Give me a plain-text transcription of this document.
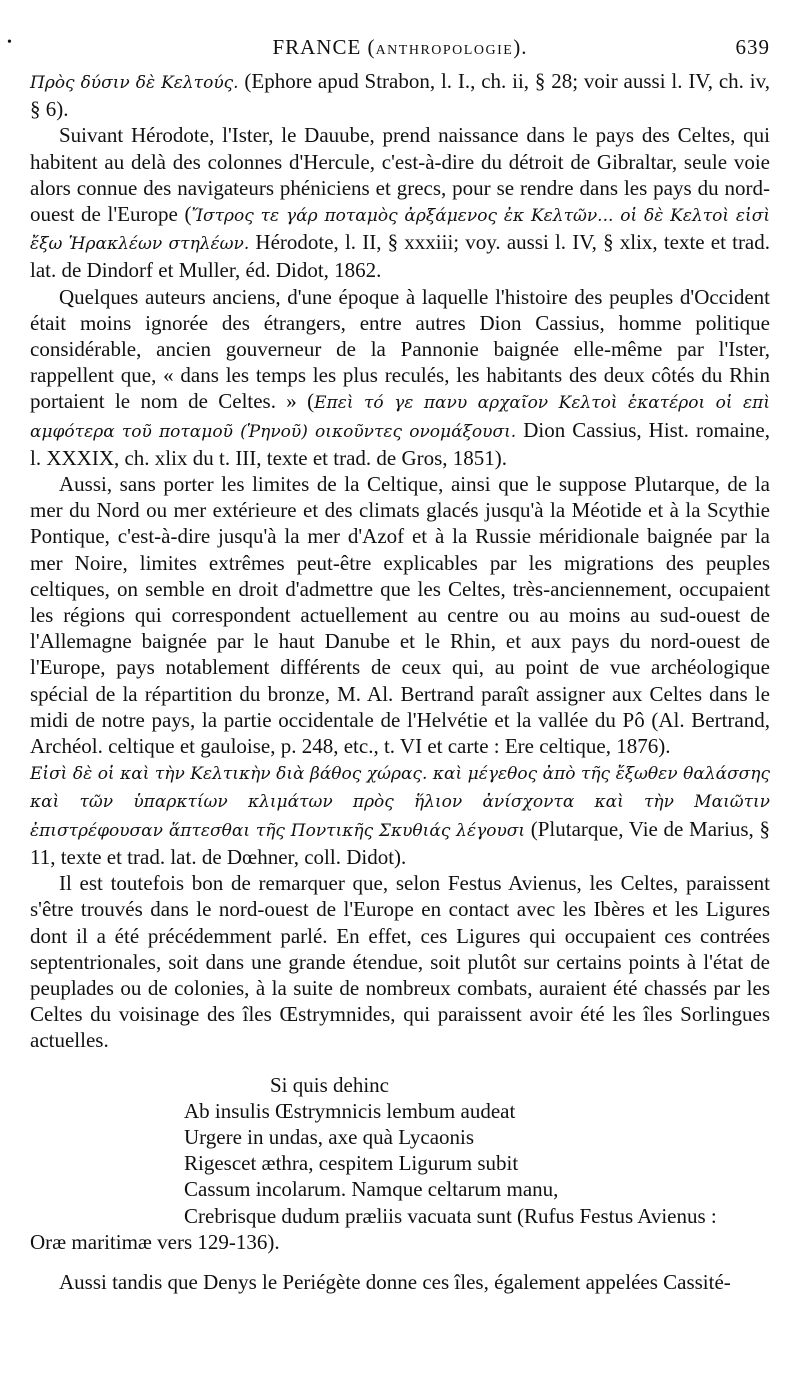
•	FRANCE (ANTHROPOLOGIE).	639

Πρὸς δύσιν δὲ Κελτούς. (Ephore apud Strabon, l. I., ch. ii, § 28; voir aussi l. IV, ch. iv, § 6).

Suivant Hérodote, l'Ister, le Dauube, prend naissance dans le pays des Celtes, qui habitent au delà des colonnes d'Hercule, c'est-à-dire du détroit de Gibraltar, seule voie alors connue des navigateurs phéniciens et grecs, pour se rendre dans les pays du nord-ouest de l'Europe (Ἴστρος τε γάρ ποταμὸς ἀρξάμενος ἐκ Κελτῶν... οἱ δὲ Κελτοὶ εἰσὶ ἔξω Ἡρακλέων στηλέων. Hérodote, l. II, § xxxiii; voy. aussi l. IV, § xlix, texte et trad. lat. de Dindorf et Muller, éd. Didot, 1862.

Quelques auteurs anciens, d'une époque à laquelle l'histoire des peuples d'Occident était moins ignorée des étrangers, entre autres Dion Cassius, homme politique considérable, ancien gouverneur de la Pannonie baignée elle-même par l'Ister, rappellent que, « dans les temps les plus reculés, les habitants des deux côtés du Rhin portaient le nom de Celtes. » (Επεὶ τό γε πανυ αρχαῖον Κελτοὶ ἑκατέροι οἱ επὶ αμφότερα τοῦ ποταμοῦ (Ῥηνοῦ) οικοῦντες ονομάξουσι. Dion Cassius, Hist. romaine, l. XXXIX, ch. xlix du t. III, texte et trad. de Gros, 1851).

Aussi, sans porter les limites de la Celtique, ainsi que le suppose Plutarque, de la mer du Nord ou mer extérieure et des climats glacés jusqu'à la Méotide et à la Scythie Pontique, c'est-à-dire jusqu'à la mer d'Azof et à la Russie méridionale baignée par la mer Noire, limites extrêmes peut-être explicables par les migrations des peuples celtiques, on semble en droit d'admettre que les Celtes, très-anciennement, occupaient les régions qui correspondent actuellement au centre ou au moins au sud-ouest de l'Allemagne baignée par le haut Danube et le Rhin, et aux pays du nord-ouest de l'Europe, pays notablement différents de ceux qui, au point de vue archéologique spécial de la répartition du bronze, M. Al. Bertrand paraît assigner aux Celtes dans le midi de notre pays, la partie occidentale de l'Helvétie et la vallée du Pô (Al. Bertrand, Archéol. celtique et gauloise, p. 248, etc., t. VI et carte : Ere celtique, 1876).

Εἰσὶ δὲ οἱ καὶ τὴν Κελτικὴν διὰ βάθος χώρας. καὶ μέγεθος ἀπὸ τῆς ἔξωθεν θαλάσσης καὶ τῶν ὑπαρκτίων κλιμάτων πρὸς ἥλιον ἀνίσχοντα καὶ τὴν Μαιῶτιν ἐπιστρέφουσαν ἅπτεσθαι τῆς Ποντικῆς Σκυθιάς λέγουσι (Plutarque, Vie de Marius, § 11, texte et trad. lat. de Dœhner, coll. Didot).

Il est toutefois bon de remarquer que, selon Festus Avienus, les Celtes, paraissent s'être trouvés dans le nord-ouest de l'Europe en contact avec les Ibères et les Ligures dont il a été précédemment parlé. En effet, ces Ligures qui occupaient ces contrées septentrionales, soit dans une grande étendue, soit plutôt sur certains points à l'état de peuplades ou de colonies, à la suite de nombreux combats, auraient été chassés par les Celtes du voisinage des îles Œstrymnides, qui paraissent avoir été les îles Sorlingues actuelles.

Si quis dehinc

Ab insulis Œstrymnicis lembum audeat

Urgere in undas, axe quà Lycaonis

Rigescet æthra, cespitem Ligurum subit

Cassum incolarum. Namque celtarum manu,

Crebrisque dudum præliis vacuata sunt (Rufus Festus Avienus :

Oræ maritimæ vers 129-136).

Aussi tandis que Denys le Periégète donne ces îles, également appelées Cassité-
